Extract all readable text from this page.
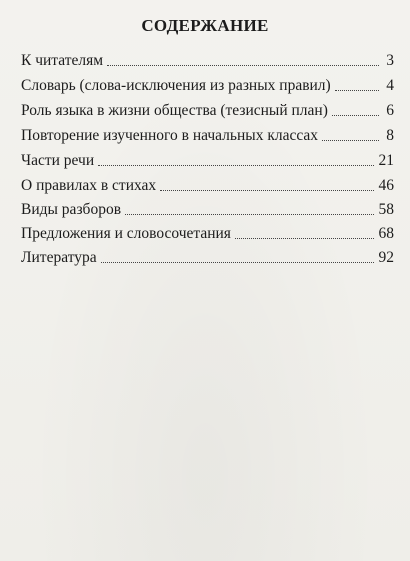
СОДЕРЖАНИЕ
К читателям	3
Словарь (слова-исключения из разных правил)	4
Роль языка в жизни общества (тезисный план)	6
Повторение изученного в начальных классах	8
Части речи	21
О правилах в стихах	46
Виды разборов	58
Предложения и словосочетания	68
Литература	92
